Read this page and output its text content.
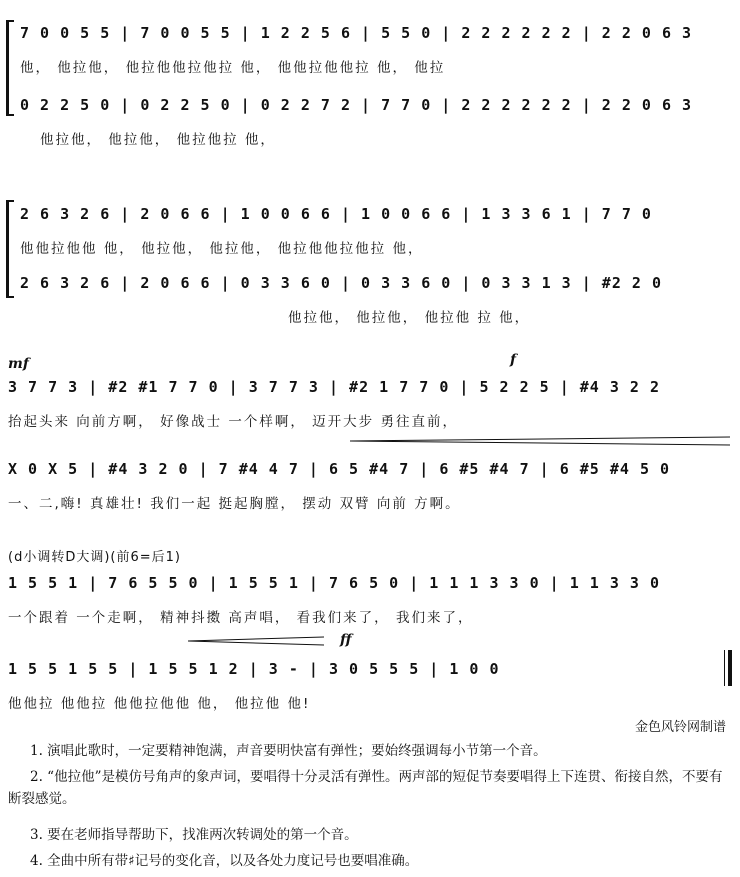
7 0 0 5 5 | 7 0 0 5 5 | 1 2 2 5 6 | 5 5 0 | 2 2 2 2 2 2 | 2 2 0 6 3
他， 他拉他， 他拉他他拉他拉 他， 他他拉他他拉 他， 他拉
0 2 2 5 0 | 0 2 2 5 0 | 0 2 2 7 2 | 7 7 0 | 2 2 2 2 2 2 | 2 2 0 6 3
他拉他， 他拉他， 他拉他拉 他，
2 6 3 2 6 | 2 0 6 6 | 1 0 0 6 6 | 1 0 0 6 6 | 1 3 3 6 1 | 7 7 0
他他拉他他 他， 他拉他， 他拉他， 他拉他他拉他拉 他，
2 6 3 2 6 | 2 0 6 6 | 0 3 3 6 0 | 0 3 3 6 0 | 0 3 3 1 3 | #2 2 0
他拉他， 他拉他， 他拉他 拉 他，
mf	f
3 7 7 3 | #2 #1 7 7 0 | 3 7 7 3 | #2 1 7 7 0 | 5 2 2 5 | #4 3 2 2
抬起头来 向前方啊， 好像战士 一个样啊， 迈开大步 勇往直前，
X 0 X 5 | #4 3 2 0 | 7 #4 4 7 | 6 5 #4 7 | 6 #5 #4 7 | 6 #5 #4 5 0
一、二,嗨! 真雄壮! 我们一起 挺起胸膛， 摆动 双臂 向前 方啊。
(d小调转D大调)(前6=后1)
1 5 5 1 | 7 6 5 5 0 | 1 5 5 1 | 7 6 5 0 | 1 1 1 3 3 0 | 1 1 3 3 0
一个跟着 一个走啊， 精神抖擞 高声唱， 看我们来了， 我们来了，
ff
1 5 5 1 5 5 | 1 5 5 1 2 | 3 - | 3 0 5 5 5 | 1 0 0
他他拉 他他拉 他他拉他他 他， 他拉他 他!
金色风铃网制谱
1. 演唱此歌时，一定要精神饱满，声音要明快富有弹性；要始终强调每小节第一个音。
2. “他拉他”是模仿号角声的象声词，要唱得十分灵活有弹性。两声部的短促节奏要唱得上下连贯、衔接自然，不要有断裂感觉。
3. 要在老师指导帮助下，找准两次转调处的第一个音。
4. 全曲中所有带♯记号的变化音，以及各处力度记号也要唱准确。
